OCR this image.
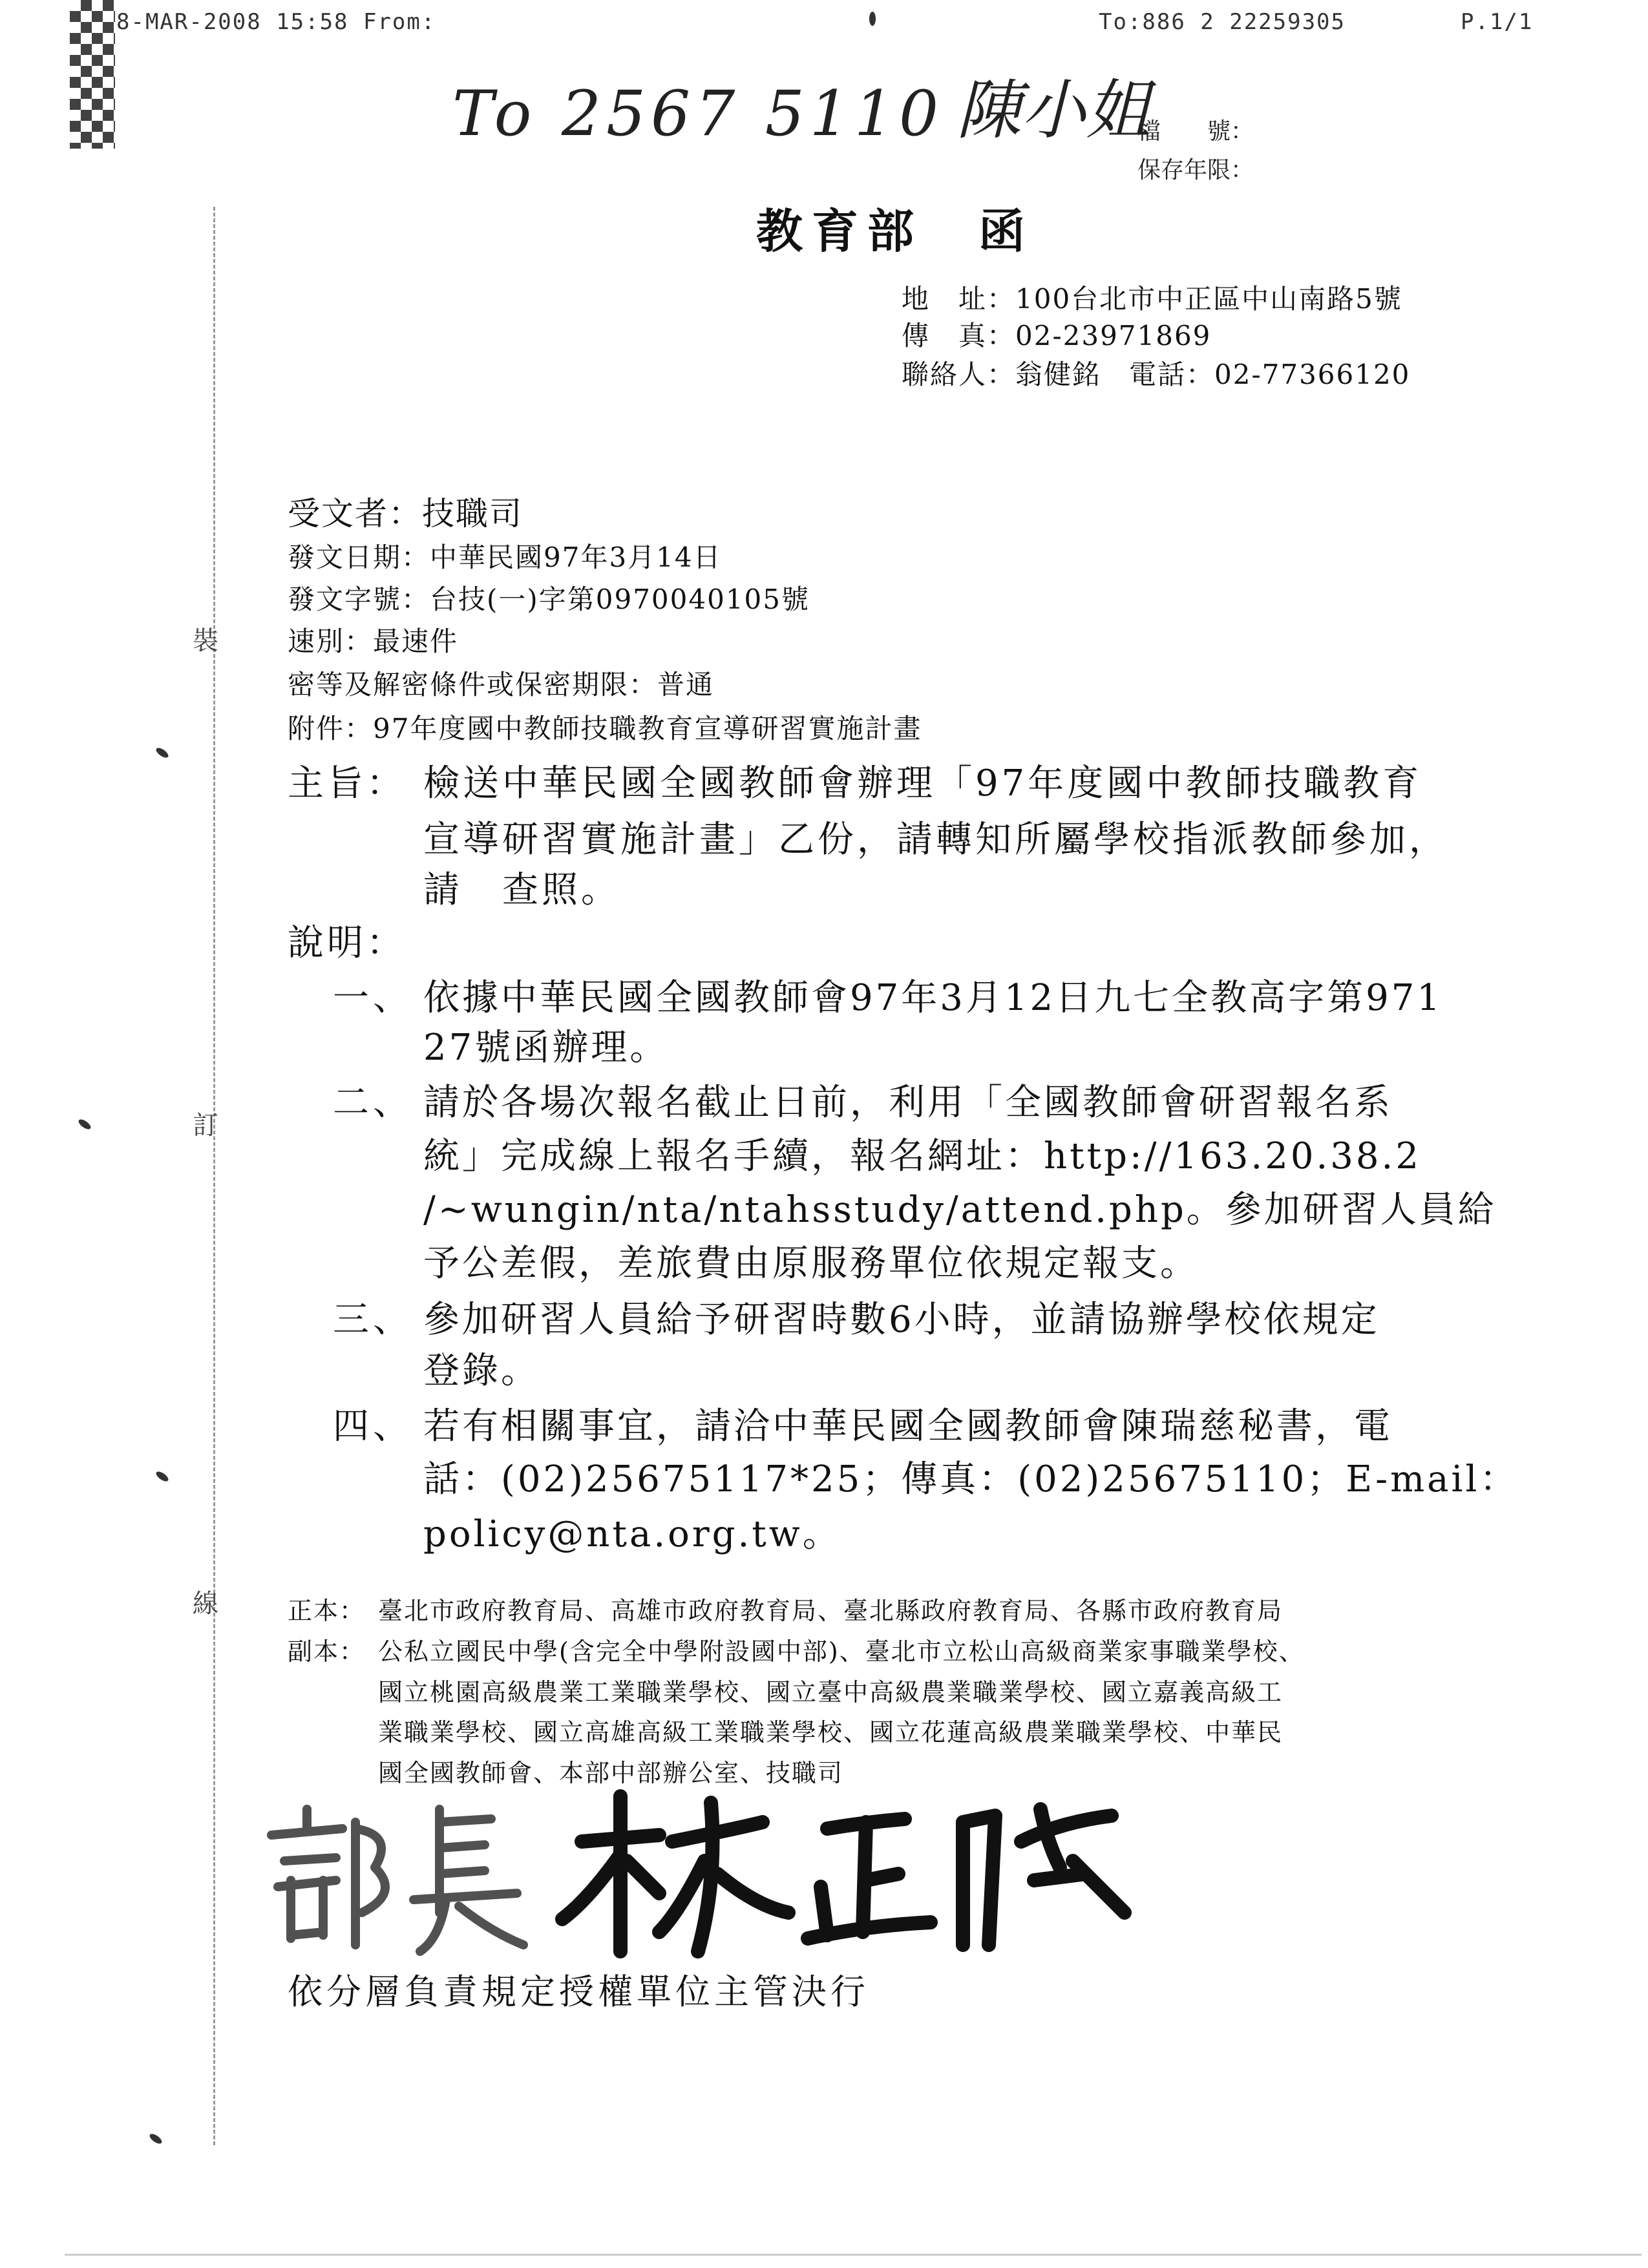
8-MAR-2008 15:58 From:	To:886 2 22259305	P.1/1
To 2567 5110 陳小姐
檔　　號：
保存年限：
教育部　函
地　址：100台北市中正區中山南路5號
傳　真：02-23971869
聯絡人：翁健銘　電話：02-77366120
裝
訂
線
受文者：技職司
發文日期：中華民國97年3月14日
發文字號：台技(一)字第0970040105號
速別：最速件
密等及解密條件或保密期限：普通
附件：97年度國中教師技職教育宣導研習實施計畫
主旨： 檢送中華民國全國教師會辦理「97年度國中教師技職教育
宣導研習實施計畫」乙份，請轉知所屬學校指派教師參加，
請　查照。
說明：
一、 依據中華民國全國教師會97年3月12日九七全教高字第971
27號函辦理。
二、 請於各場次報名截止日前，利用「全國教師會研習報名系
統」完成線上報名手續，報名網址：http://163.20.38.2
/~wungin/nta/ntahsstudy/attend.php。參加研習人員給
予公差假，差旅費由原服務單位依規定報支。
三、 參加研習人員給予研習時數6小時，並請協辦學校依規定
登錄。
四、 若有相關事宜，請洽中華民國全國教師會陳瑞慈秘書，電
話：(02)25675117*25；傳真：(02)25675110；E-mail：
policy@nta.org.tw。
正本： 臺北市政府教育局、高雄市政府教育局、臺北縣政府教育局、各縣市政府教育局
副本： 公私立國民中學(含完全中學附設國中部)、臺北市立松山高級商業家事職業學校、
國立桃園高級農業工業職業學校、國立臺中高級農業職業學校、國立嘉義高級工
業職業學校、國立高雄高級工業職業學校、國立花蓮高級農業職業學校、中華民
國全國教師會、本部中部辦公室、技職司
依分層負責規定授權單位主管決行
